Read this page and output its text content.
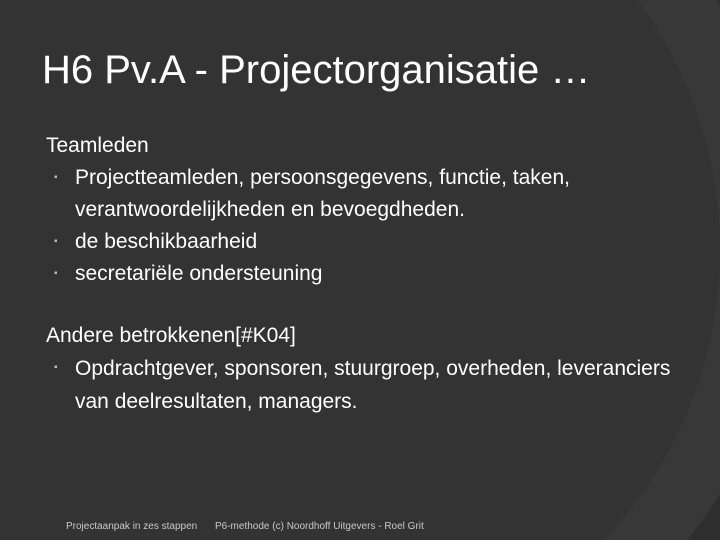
H6 Pv.A - Projectorganisatie …

Teamleden

▪ Projectteamleden, persoonsgegevens, functie, taken, verantwoordelijkheden en bevoegdheden.
▪ de beschikbaarheid
▪ secretariële ondersteuning

Andere betrokkenen[#K04]

▪ Opdrachtgever, sponsoren, stuurgroep, overheden, leveranciers van deelresultaten, managers.
Projectaanpak in zes stappen P6-methode (c) Noordhoff Uitgevers - Roel Grit
